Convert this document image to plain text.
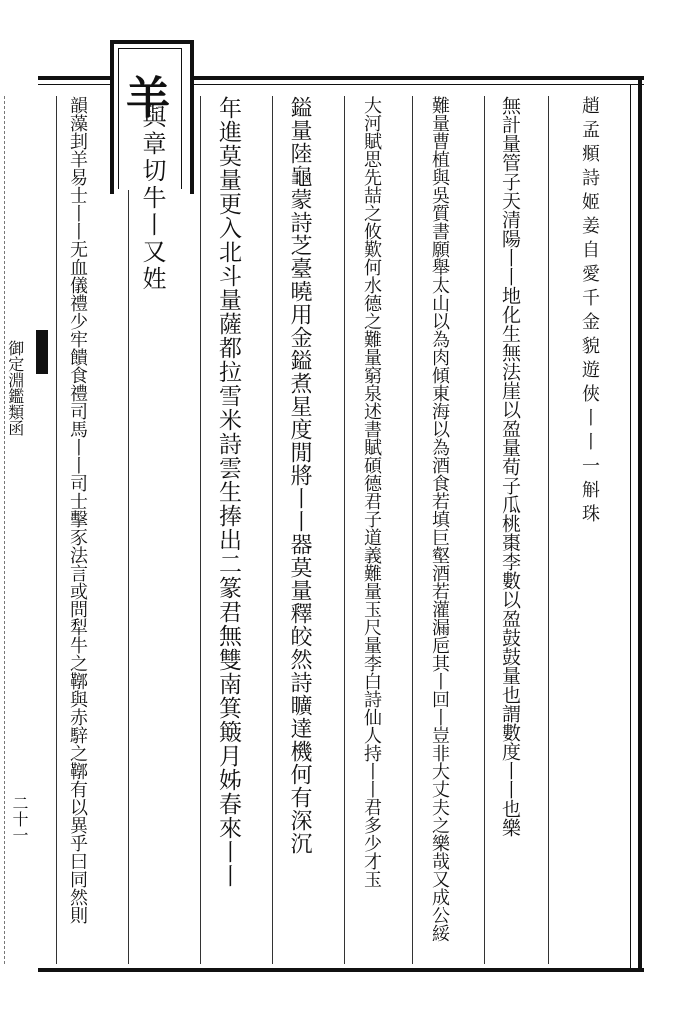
羊
御定淵鑑類函
二十一
趙孟頫詩姬姜自愛千金貌遊俠丨丨一斛珠
無計量管子天清陽丨丨地化生無法崖以盈量荀子瓜桃棗李數以盈鼓鼓量也謂數度丨丨也樂
難量曹植與吳質書願舉太山以為肉傾東海以為酒食若填巨壑酒若灌漏巵其丨回丨豈非大丈夫之樂哉又成公綏
大河賦思先喆之攸歎何水德之難量窮泉述書賦碩德君子道義難量玉尺量李白詩仙人持丨丨君多少才玉
鎰量陸龜蒙詩芝臺曉用金鎰煮星度閒將丨丨器莫量釋皎然詩曠達機何有深沉
年進莫量更入北斗量薩都拉雪米詩雲生捧出二篆君無雙南箕簸月姊春來丨丨
與章切牛丨又姓
韻藻刲羊易士丨丨无血儀禮少牢饋食禮司馬丨丨司士擊豕法言或問犁牛之鞹與赤騂之鞹有以異乎曰同然則
